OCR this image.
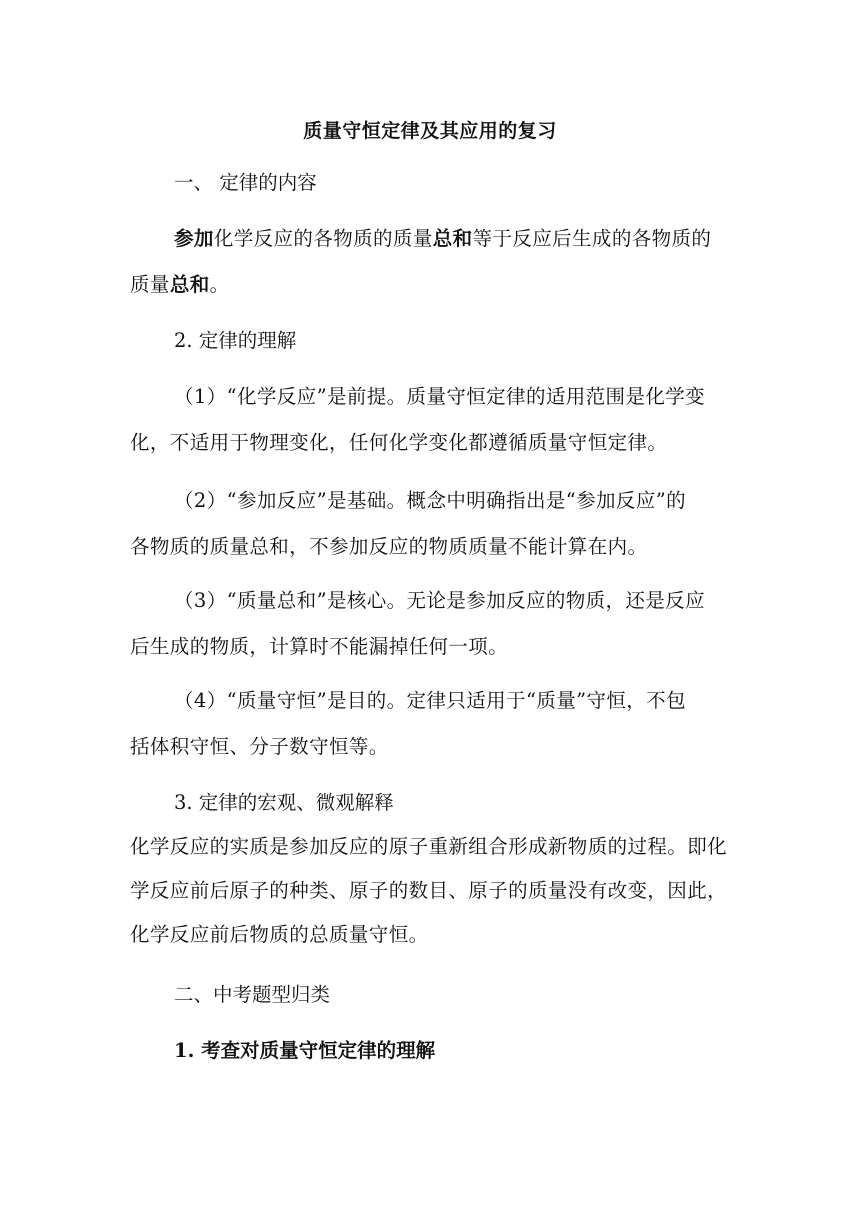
质量守恒定律及其应用的复习
一、 定律的内容
参加化学反应的各物质的质量总和等于反应后生成的各物质的
质量总和。
2. 定律的理解
（1）“化学反应”是前提。质量守恒定律的适用范围是化学变
化，不适用于物理变化，任何化学变化都遵循质量守恒定律。
（2）“参加反应”是基础。概念中明确指出是“参加反应”的
各物质的质量总和，不参加反应的物质质量不能计算在内。
（3）“质量总和”是核心。无论是参加反应的物质，还是反应
后生成的物质，计算时不能漏掉任何一项。
（4）“质量守恒”是目的。定律只适用于“质量”守恒，不包
括体积守恒、分子数守恒等。
3. 定律的宏观、微观解释
化学反应的实质是参加反应的原子重新组合形成新物质的过程。即化
学反应前后原子的种类、原子的数目、原子的质量没有改变，因此，
化学反应前后物质的总质量守恒。
二、中考题型归类
1. 考查对质量守恒定律的理解
